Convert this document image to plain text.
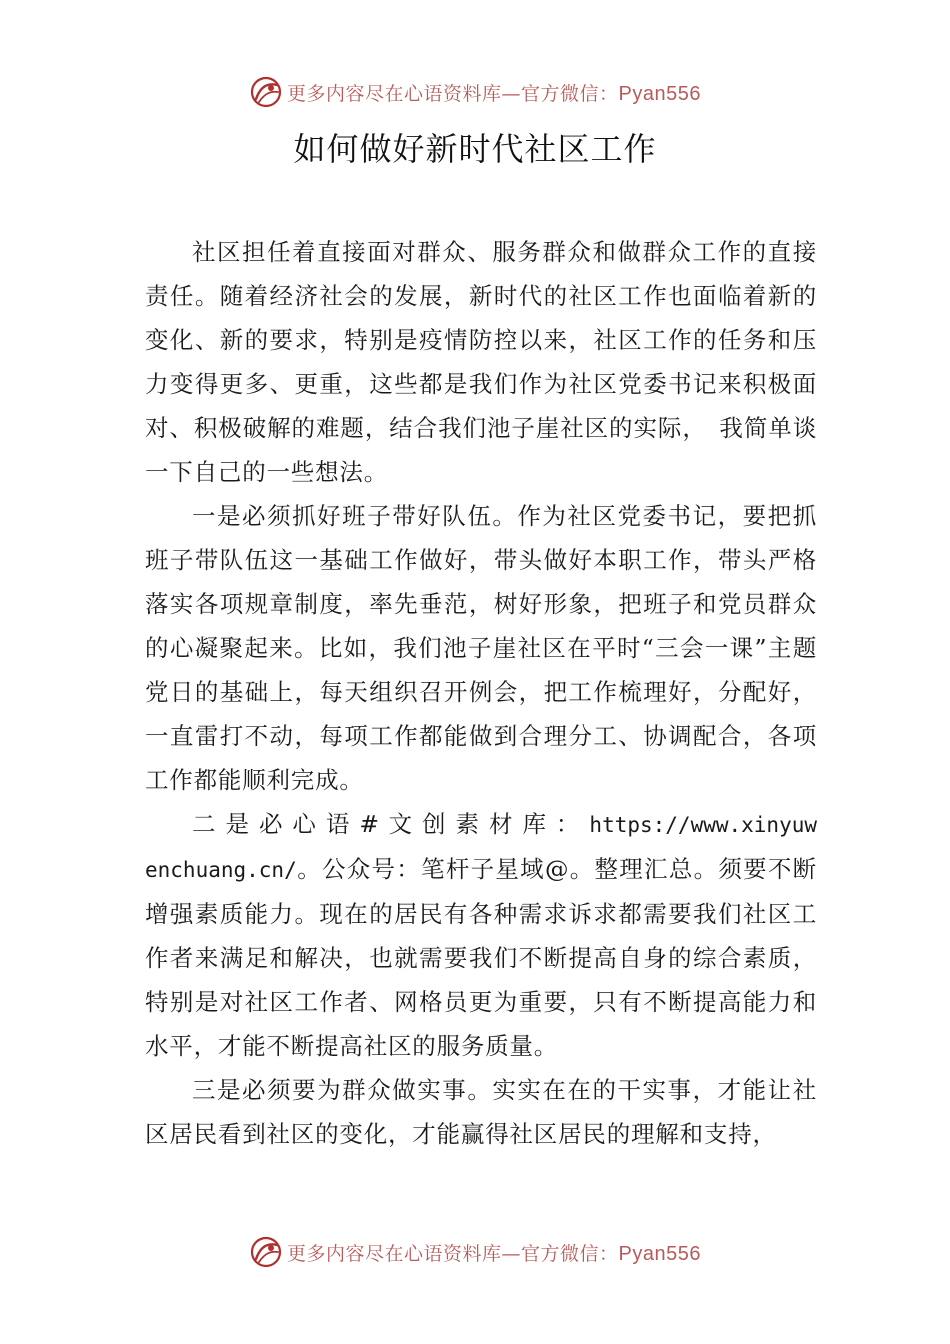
更多内容尽在心语资料库—官方微信：Pyan556
如何做好新时代社区工作

社区担任着直接面对群众、服务群众和做群众工作的直接责任。随着经济社会的发展，新时代的社区工作也面临着新的变化、新的要求，特别是疫情防控以来，社区工作的任务和压力变得更多、更重，这些都是我们作为社区党委书记来积极面对、积极破解的难题，结合我们池子崖社区的实际，　我简单谈一下自己的一些想法。

一是必须抓好班子带好队伍。作为社区党委书记，要把抓班子带队伍这一基础工作做好，带头做好本职工作，带头严格落实各项规章制度，率先垂范，树好形象，把班子和党员群众的心凝聚起来。比如，我们池子崖社区在平时“三会一课”主题党日的基础上，每天组织召开例会，把工作梳理好，分配好，一直雷打不动，每项工作都能做到合理分工、协调配合，各项工作都能顺利完成。

二 是 必 心 语 # 文 创 素 材 库 ： https://www.xinyuwenchuang.cn/。公众号：笔杆子星域@。整理汇总。须要不断增强素质能力。现在的居民有各种需求诉求都需要我们社区工作者来满足和解决，也就需要我们不断提高自身的综合素质，特别是对社区工作者、网格员更为重要，只有不断提高能力和水平，才能不断提高社区的服务质量。

三是必须要为群众做实事。实实在在的干实事，才能让社区居民看到社区的变化，才能赢得社区居民的理解和支持，

更多内容尽在心语资料库—官方微信：Pyan556
